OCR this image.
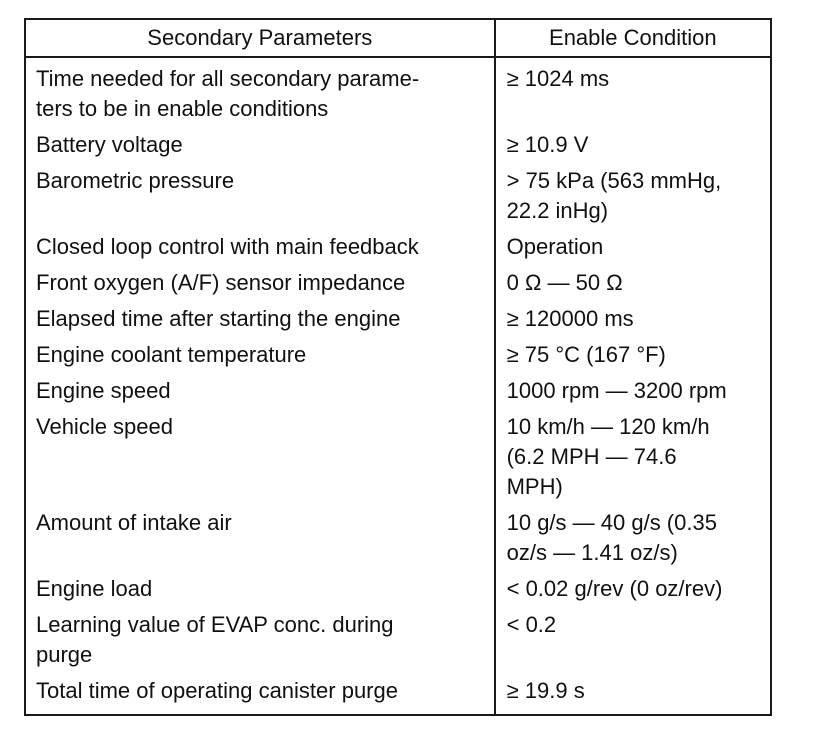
Secondary Parameters	Enable Condition
Time needed for all secondary parame-
ters to be in enable conditions	≥ 1024 ms
Battery voltage	≥ 10.9 V
Barometric pressure	> 75 kPa (563 mmHg,
22.2 inHg)
Closed loop control with main feedback	Operation
Front oxygen (A/F) sensor impedance	0 Ω — 50 Ω
Elapsed time after starting the engine	≥ 120000 ms
Engine coolant temperature	≥ 75 °C (167 °F)
Engine speed	1000 rpm — 3200 rpm
Vehicle speed	10 km/h — 120 km/h
(6.2 MPH — 74.6
MPH)
Amount of intake air	10 g/s — 40 g/s (0.35
oz/s — 1.41 oz/s)
Engine load	< 0.02 g/rev (0 oz/rev)
Learning value of EVAP conc. during
purge	< 0.2
Total time of operating canister purge	≥ 19.9 s
